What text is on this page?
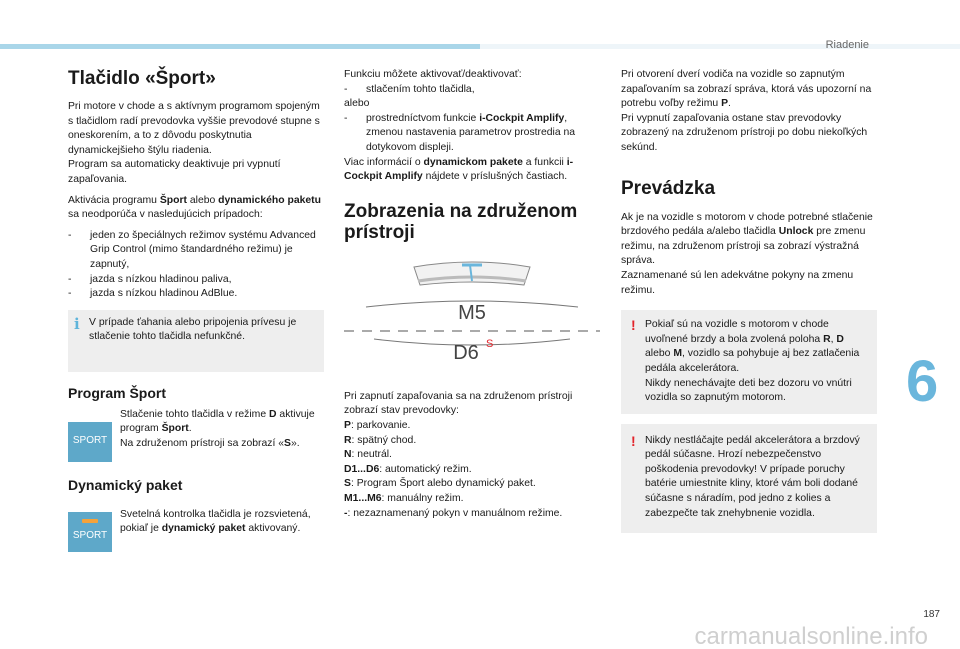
Riadenie
6
187
carmanualsonline.info
Tlačidlo «Šport»

Pri motore v chode a s aktívnym programom spojeným s tlačidlom radí prevodovka vyššie prevodové stupne s oneskorením, a to z dôvodu poskytnutia dynamickejšieho štýlu riadenia.
Program sa automaticky deaktivuje pri vypnutí zapaľovania.

Aktivácia programu Šport alebo dynamického paketu sa neodporúča v nasledujúcich prípadoch:

- jeden zo špeciálnych režimov systému Advanced Grip Control (mimo štandardného režimu) je zapnutý,
- jazda s nízkou hladinou paliva,
- jazda s nízkou hladinou AdBlue.
i V prípade ťahania alebo pripojenia prívesu je stlačenie tohto tlačidla nefunkčné.
Program Šport
SPORT
Stlačenie tohto tlačidla v režime D aktivuje program Šport.
Na združenom prístroji sa zobrazí «S».
Dynamický paket
SPORT
Svetelná kontrolka tlačidla je rozsvietená, pokiaľ je dynamický paket aktivovaný.

Funkciu môžete aktivovať/deaktivovať:

- stlačením tohto tlačidla,

alebo

- prostredníctvom funkcie i-Cockpit Amplify, zmenou nastavenia parametrov prostredia na dotykovom displeji.

Viac informácií o dynamickom pakete a funkcii i-Cockpit Amplify nájdete v príslušných častiach.

Zobrazenia na združenom prístroji
M5
D6 S

Pri zapnutí zapaľovania sa na združenom prístroji zobrazí stav prevodovky:

P: parkovanie.
R: spätný chod.
N: neutrál.
D1...D6: automatický režim.
S: Program Šport alebo dynamický paket.
M1...M6: manuálny režim.
-: nezaznamenaný pokyn v manuálnom režime.

Pri otvorení dverí vodiča na vozidle so zapnutým zapaľovaním sa zobrazí správa, ktorá vás upozorní na potrebu voľby režimu P.
Pri vypnutí zapaľovania ostane stav prevodovky zobrazený na združenom prístroji po dobu niekoľkých sekúnd.

Prevádzka

Ak je na vozidle s motorom v chode potrebné stlačenie brzdového pedála a/alebo tlačidla Unlock pre zmenu režimu, na združenom prístroji sa zobrazí výstražná správa.
Zaznamenané sú len adekvátne pokyny na zmenu režimu.

! Pokiaľ sú na vozidle s motorom v chode uvoľnené brzdy a bola zvolená poloha R, D alebo M, vozidlo sa pohybuje aj bez zatlačenia pedála akcelerátora.
Nikdy nenechávajte deti bez dozoru vo vnútri vozidla so zapnutým motorom.
! Nikdy nestláčajte pedál akcelerátora a brzdový pedál súčasne. Hrozí nebezpečenstvo poškodenia prevodovky! V prípade poruchy batérie umiestnite kliny, ktoré vám boli dodané súčasne s náradím, pod jedno z kolies a zabezpečte tak znehybnenie vozidla.
